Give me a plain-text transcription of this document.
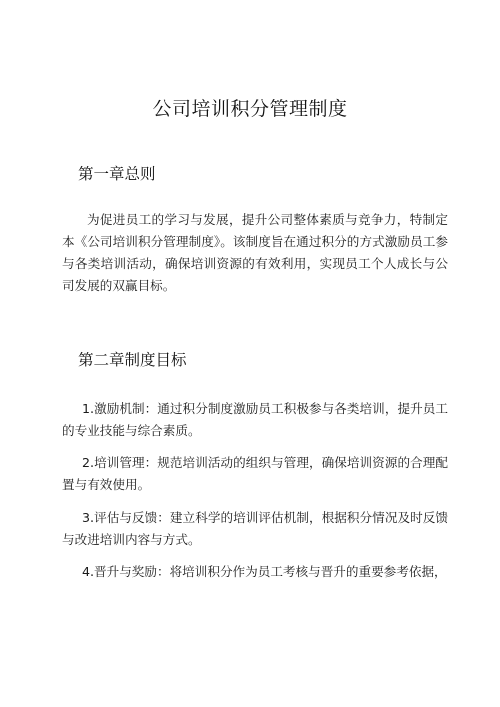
公司培训积分管理制度
第一章总则

为促进员工的学习与发展，提升公司整体素质与竞争力，特制定本《公司培训积分管理制度》。该制度旨在通过积分的方式激励员工参与各类培训活动，确保培训资源的有效利用，实现员工个人成长与公司发展的双赢目标。

第二章制度目标

1.激励机制：通过积分制度激励员工积极参与各类培训，提升员工的专业技能与综合素质。

2.培训管理：规范培训活动的组织与管理，确保培训资源的合理配置与有效使用。

3.评估与反馈：建立科学的培训评估机制，根据积分情况及时反馈与改进培训内容与方式。

4.晋升与奖励：将培训积分作为员工考核与晋升的重要参考依据，
